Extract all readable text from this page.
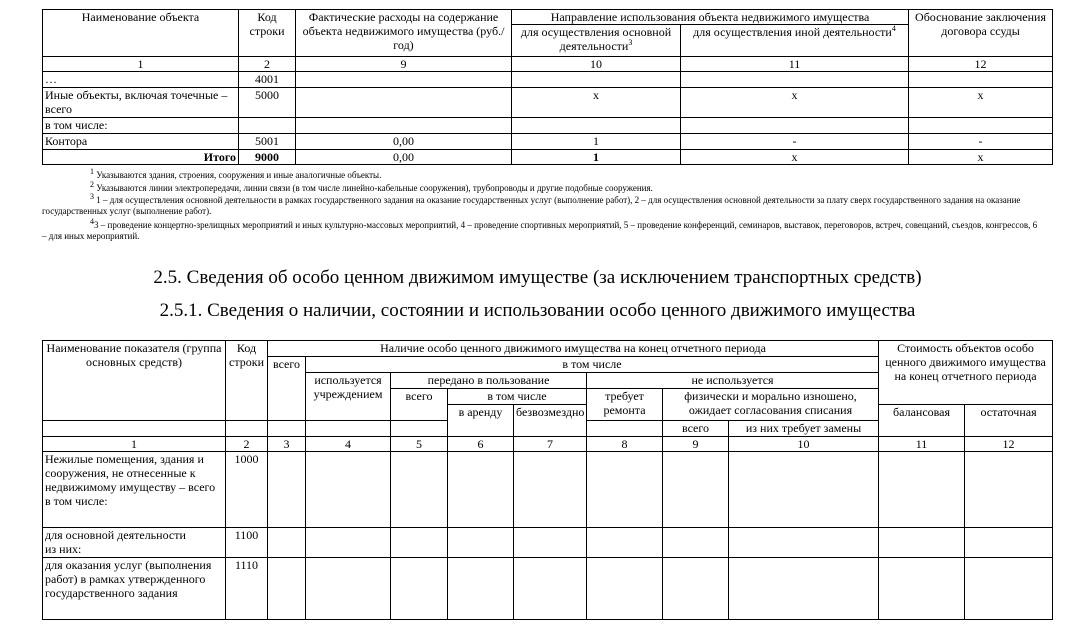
Наименование объекта	Код строки	Фактические расходы на содержание объекта недвижимого имущества (руб./год)	Направление использования объекта недвижимого имущества		Обоснование заключения договора ссуды
			для осуществления основной деятельности$^3$	для осуществления иной деятельности$^4$
1	2	9	10	11	12
…	4001				
Иные объекты, включая точечные – всего	5000		x	x	x
в том числе:					
Контора	5001	0,00	1	-	-
Итого	9000	0,00	1	x	x
$^1$ Указываются здания, строения, сооружения и иные аналогичные объекты.
$^2$ Указываются линии электропередачи, линии связи (в том числе линейно-кабельные сооружения), трубопроводы и другие подобные сооружения.
$^3$ 1 – для осуществления основной деятельности в рамках государственного задания на оказание государственных услуг (выполнение работ), 2 – для осуществления основной деятельности за плату сверх государственного задания на оказание государственных услуг (выполнение работ).
$^4$3 – проведение концертно-зрелищных мероприятий и иных культурно-массовых мероприятий, 4 – проведение спортивных мероприятий, 5 – проведение конференций, семинаров, выставок, переговоров, встреч, совещаний, съездов, конгрессов, 6 – для иных мероприятий.
2.5. Сведения об особо ценном движимом имуществе (за исключением транспортных средств)
2.5.1. Сведения о наличии, состоянии и использовании особо ценного движимого имущества
Наименование показателя (группа основных средств)	Код строки	Наличие особо ценного движимого имущества на конец отчетного периода								Стоимость объектов особо ценного движимого имущества на конец отчетного периода	
		всего	в том числе								
			используется учреждением	передано в пользование			не используется				
				всего	в том числе		требует ремонта	физически и морально изношено, ожидает согласования списания			
					в аренду	безвозмездно				балансовая	остаточная
								всего	из них требует замены		
1	2	3	4	5	6	7	8	9	10	11	12

Нежилые помещения, здания и сооружения, не отнесенные к недвижимому имуществу – всего
в том числе:	1000										

для основной деятельности
из них:	1100										

для оказания услуг (выполнения работ) в рамках утвержденного государственного задания	1110										
